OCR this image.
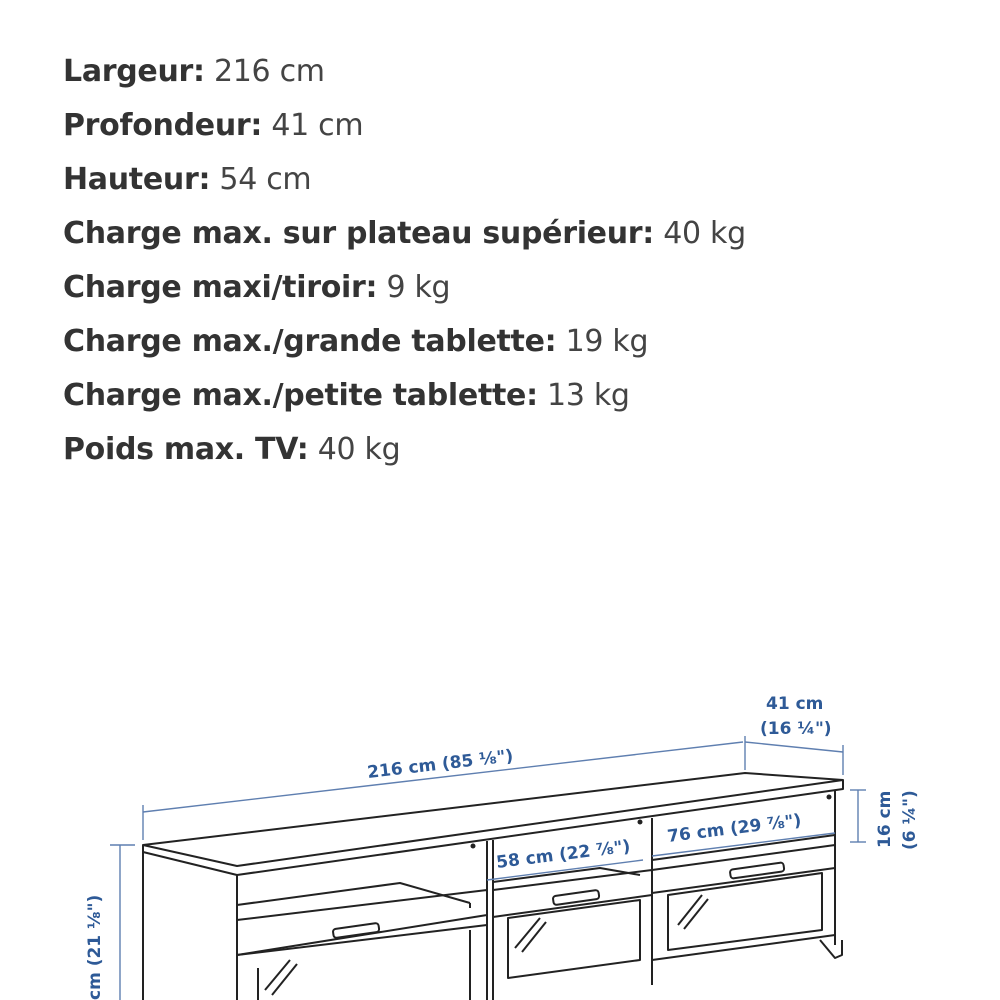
Largeur: 216 cm
Profondeur: 41 cm
Hauteur: 54 cm
Charge max. sur plateau supérieur: 40 kg
Charge maxi/tiroir: 9 kg
Charge max./grande tablette: 19 kg
Charge max./petite tablette: 13 kg
Poids max. TV: 40 kg
216 cm (85 ⅛")
41 cm
(16 ¼")
16 cm (6 ¼")
58 cm (22 ⅞")
76 cm (29 ⅞")
cm (21 ⅛")
